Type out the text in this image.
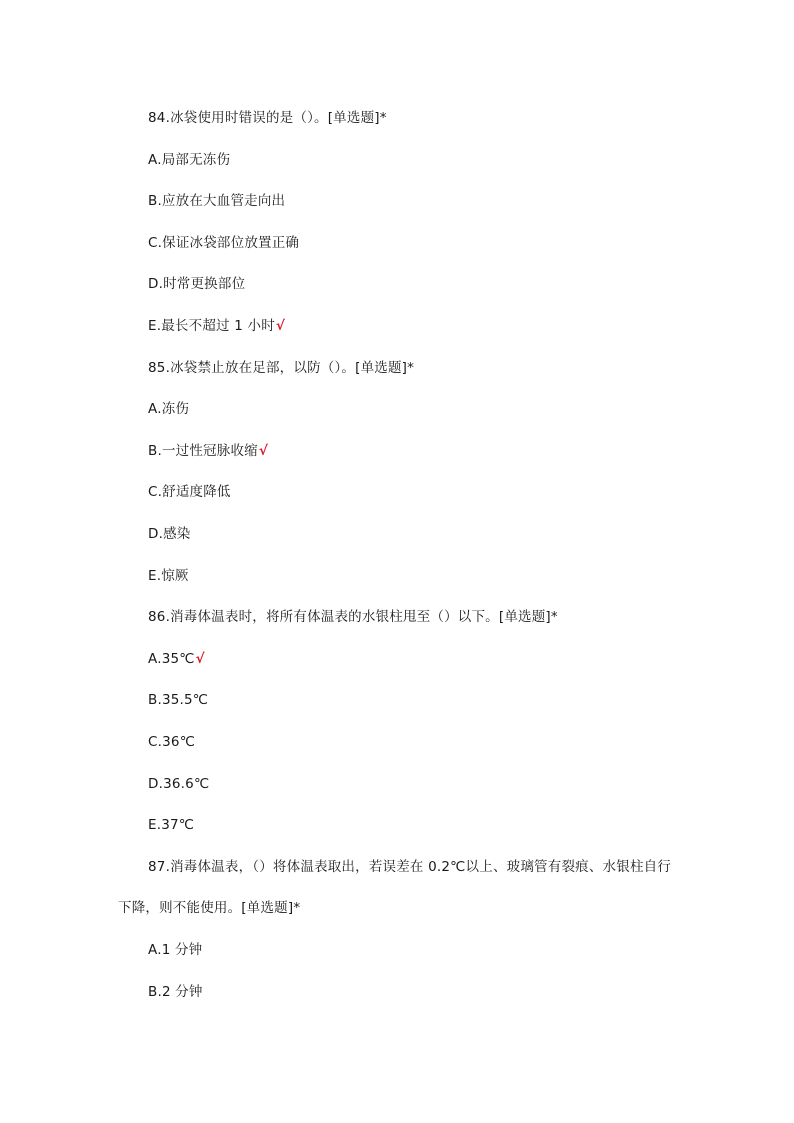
84.冰袋使用时错误的是（）。[单选题]*
A.局部无冻伤
B.应放在大血管走向出
C.保证冰袋部位放置正确
D.时常更换部位
E.最长不超过 1 小时√
85.冰袋禁止放在足部，以防（）。[单选题]*
A.冻伤
B.一过性冠脉收缩√
C.舒适度降低
D.感染
E.惊厥
86.消毒体温表时，将所有体温表的水银柱甩至（）以下。[单选题]*
A.35℃√
B.35.5℃
C.36℃
D.36.6℃
E.37℃
87.消毒体温表，（）将体温表取出，若误差在 0.2℃以上、玻璃管有裂痕、水银柱自行
下降，则不能使用。[单选题]*
A.1 分钟
B.2 分钟
